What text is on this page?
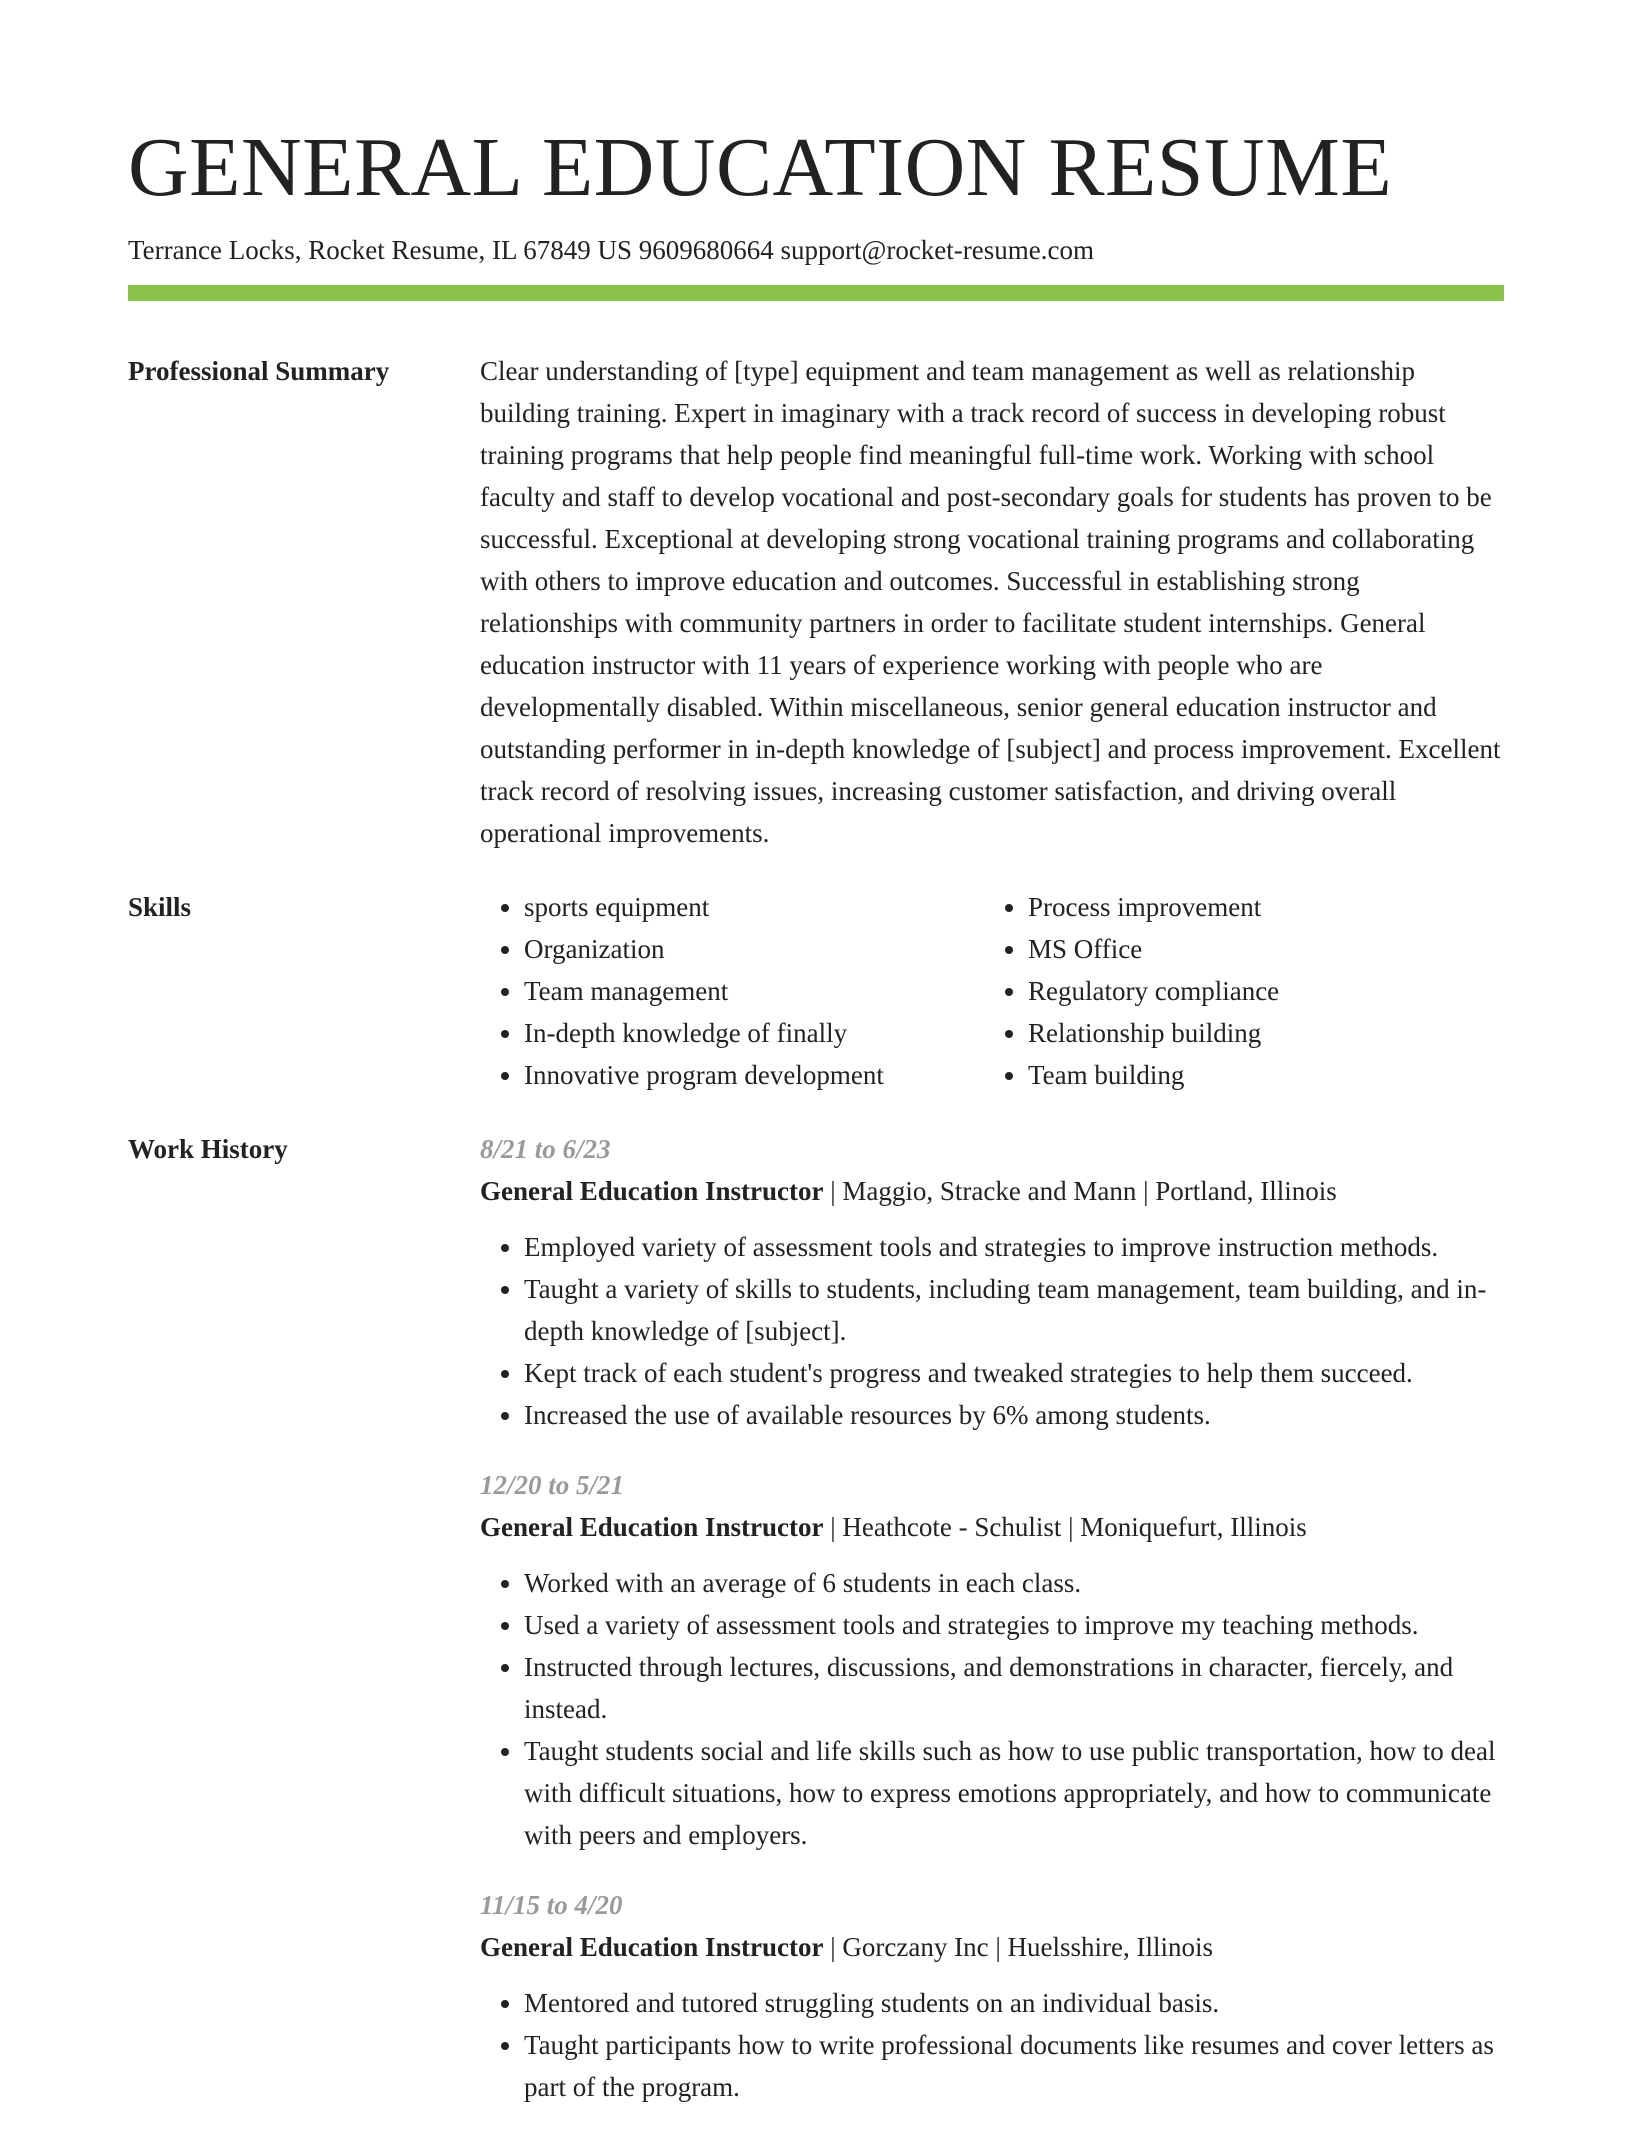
GENERAL EDUCATION RESUME
Terrance Locks, Rocket Resume, IL 67849 US 9609680664 support@rocket-resume.com
Professional Summary	Clear understanding of [type] equipment and team management as well as relationship building training. Expert in imaginary with a track record of success in developing robust training programs that help people find meaningful full-time work. Working with school faculty and staff to develop vocational and post-secondary goals for students has proven to be successful. Exceptional at developing strong vocational training programs and collaborating with others to improve education and outcomes. Successful in establishing strong relationships with community partners in order to facilitate student internships. General education instructor with 11 years of experience working with people who are developmentally disabled. Within miscellaneous, senior general education instructor and outstanding performer in in-depth knowledge of [subject] and process improvement. Excellent track record of resolving issues, increasing customer satisfaction, and driving overall operational improvements.

Skills
•	sports equipment
• Organization
• Team management
• In-depth knowledge of finally
• Innovative program development
• Process improvement
• MS Office
• Regulatory compliance
• Relationship building
• Team building
Work History	8/21 to 6/23
General Education Instructor | Maggio, Stracke and Mann | Portland, Illinois
• Employed variety of assessment tools and strategies to improve instruction methods.
• Taught a variety of skills to students, including team management, team building, and in-depth knowledge of [subject].
• Kept track of each student's progress and tweaked strategies to help them succeed.
• Increased the use of available resources by 6% among students.
12/20 to 5/21
General Education Instructor | Heathcote - Schulist | Moniquefurt, Illinois
• Worked with an average of 6 students in each class.
• Used a variety of assessment tools and strategies to improve my teaching methods.
• Instructed through lectures, discussions, and demonstrations in character, fiercely, and instead.
• Taught students social and life skills such as how to use public transportation, how to deal with difficult situations, how to express emotions appropriately, and how to communicate with peers and employers.
11/15 to 4/20
General Education Instructor | Gorczany Inc | Huelsshire, Illinois
• Mentored and tutored struggling students on an individual basis.
• Taught participants how to write professional documents like resumes and cover letters as part of the program.
